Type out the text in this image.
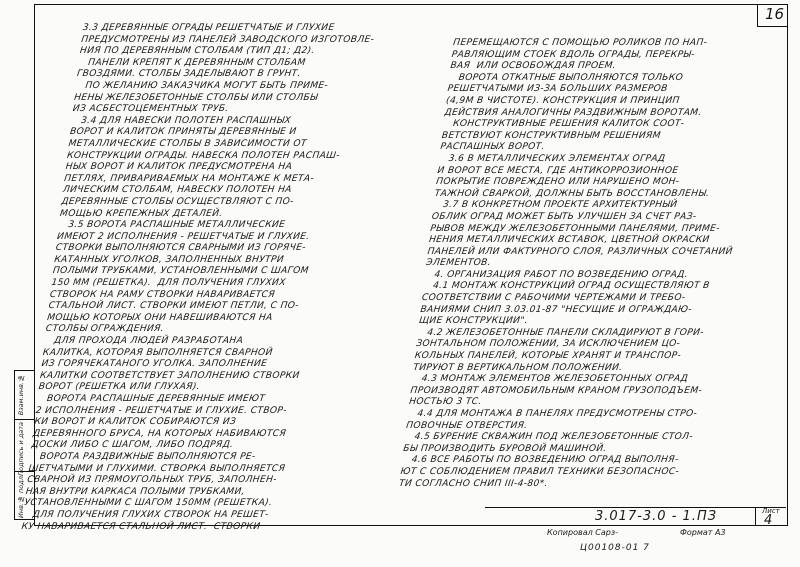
16

3.3 ДЕРЕВЯННЫЕ ОГРАДЫ РЕШЕТЧАТЫЕ И ГЛУХИЕ

ПРЕДУСМОТРЕНЫ ИЗ ПАНЕЛЕЙ ЗАВОДСКОГО ИЗГОТОВЛЕ-

НИЯ ПО ДЕРЕВЯННЫМ СТОЛБАМ (ТИП Д1; Д2).

ПАНЕЛИ КРЕПЯТ К ДЕРЕВЯННЫМ СТОЛБАМ

ГВОЗДЯМИ. СТОЛБЫ ЗАДЕЛЫВАЮТ В ГРУНТ.

ПО ЖЕЛАНИЮ ЗАКАЗЧИКА МОГУТ БЫТЬ ПРИМЕ-

НЕНЫ ЖЕЛЕЗОБЕТОННЫЕ СТОЛБЫ ИЛИ СТОЛБЫ

ИЗ АСБЕСТОЦЕМЕНТНЫХ ТРУБ.

3.4 ДЛЯ НАВЕСКИ ПОЛОТЕН РАСПАШНЫХ

ВОРОТ И КАЛИТОК ПРИНЯТЫ ДЕРЕВЯННЫЕ И

МЕТАЛЛИЧЕСКИЕ СТОЛБЫ В ЗАВИСИМОСТИ ОТ

КОНСТРУКЦИИ ОГРАДЫ. НАВЕСКА ПОЛОТЕН РАСПАШ-

НЫХ ВОРОТ И КАЛИТОК ПРЕДУСМОТРЕНА НА

ПЕТЛЯХ, ПРИВАРИВАЕМЫХ НА МОНТАЖЕ К МЕТА-

ЛИЧЕСКИМ СТОЛБАМ, НАВЕСКУ ПОЛОТЕН НА

ДЕРЕВЯННЫЕ СТОЛБЫ ОСУЩЕСТВЛЯЮТ С ПО-

МОЩЬЮ КРЕПЕЖНЫХ ДЕТАЛЕЙ.

3.5 ВОРОТА РАСПАШНЫЕ МЕТАЛЛИЧЕСКИЕ

ИМЕЮТ 2 ИСПОЛНЕНИЯ - РЕШЕТЧАТЫЕ И ГЛУХИЕ.

СТВОРКИ ВЫПОЛНЯЮТСЯ СВАРНЫМИ ИЗ ГОРЯЧЕ-

КАТАННЫХ УГОЛКОВ, ЗАПОЛНЕННЫХ ВНУТРИ

ПОЛЫМИ ТРУБКАМИ, УСТАНОВЛЕННЫМИ С ШАГОМ

150 ММ (РЕШЕТКА).  ДЛЯ ПОЛУЧЕНИЯ ГЛУХИХ

СТВОРОК НА РАМУ СТВОРКИ НАВАРИВАЕТСЯ

СТАЛЬНОЙ ЛИСТ. СТВОРКИ ИМЕЮТ ПЕТЛИ, С ПО-

МОЩЬЮ КОТОРЫХ ОНИ НАВЕШИВАЮТСЯ НА

СТОЛБЫ ОГРАЖДЕНИЯ.

ДЛЯ ПРОХОДА ЛЮДЕЙ РАЗРАБОТАНА

КАЛИТКА, КОТОРАЯ ВЫПОЛНЯЕТСЯ СВАРНОЙ

ИЗ ГОРЯЧЕКАТАНОГО УГОЛКА. ЗАПОЛНЕНИЕ

КАЛИТКИ СООТВЕТСТВУЕТ ЗАПОЛНЕНИЮ СТВОРКИ

ВОРОТ (РЕШЕТКА ИЛИ ГЛУХАЯ).

ВОРОТА РАСПАШНЫЕ ДЕРЕВЯННЫЕ ИМЕЮТ

2 ИСПОЛНЕНИЯ - РЕШЕТЧАТЫЕ И ГЛУХИЕ. СТВОР-

КИ ВОРОТ И КАЛИТОК СОБИРАЮТСЯ ИЗ

ДЕРЕВЯННОГО БРУСА, НА КОТОРЫХ НАБИВАЮТСЯ

ДОСКИ ЛИБО С ШАГОМ, ЛИБО ПОДРЯД.

ВОРОТА РАЗДВИЖНЫЕ ВЫПОЛНЯЮТСЯ РЕ-

ШЕТЧАТЫМИ И ГЛУХИМИ. СТВОРКА ВЫПОЛНЯЕТСЯ

СВАРНОЙ ИЗ ПРЯМОУГОЛЬНЫХ ТРУБ, ЗАПОЛНЕН-

НАЯ ВНУТРИ КАРКАСА ПОЛЫМИ ТРУБКАМИ,

УСТАНОВЛЕННЫМИ С ШАГОМ 150ММ (РЕШЕТКА).

ДЛЯ ПОЛУЧЕНИЯ ГЛУХИХ СТВОРОК НА РЕШЕТ-

КУ НАВАРИВАЕТСЯ СТАЛЬНОЙ ЛИСТ.  СТВОРКИ

ПЕРЕМЕЩАЮТСЯ С ПОМОЩЬЮ РОЛИКОВ ПО НАП-

РАВЛЯЮЩИМ СТОЕК ВДОЛЬ ОГРАДЫ, ПЕРЕКРЫ-

ВАЯ  ИЛИ ОСВОБОЖДАЯ ПРОЕМ.

ВОРОТА ОТКАТНЫЕ ВЫПОЛНЯЮТСЯ ТОЛЬКО

РЕШЕТЧАТЫМИ ИЗ-ЗА БОЛЬШИХ РАЗМЕРОВ

(4,9М В ЧИСТОТЕ). КОНСТРУКЦИЯ И ПРИНЦИП

ДЕЙСТВИЯ АНАЛОГИЧНЫ РАЗДВИЖНЫМ ВОРОТАМ.

КОНСТРУКТИВНЫЕ РЕШЕНИЯ КАЛИТОК СООТ-

ВЕТСТВУЮТ КОНСТРУКТИВНЫМ РЕШЕНИЯМ

РАСПАШНЫХ ВОРОТ.

3.6 В МЕТАЛЛИЧЕСКИХ ЭЛЕМЕНТАХ ОГРАД

И ВОРОТ ВСЕ МЕСТА, ГДЕ АНТИКОРРОЗИОННОЕ

ПОКРЫТИЕ ПОВРЕЖДЕНО ИЛИ НАРУШЕНО МОН-

ТАЖНОЙ СВАРКОЙ, ДОЛЖНЫ БЫТЬ ВОССТАНОВЛЕНЫ.

3.7 В КОНКРЕТНОМ ПРОЕКТЕ АРХИТЕКТУРНЫЙ

ОБЛИК ОГРАД МОЖЕТ БЫТЬ УЛУЧШЕН ЗА СЧЕТ РАЗ-

РЫВОВ МЕЖДУ ЖЕЛЕЗОБЕТОННЫМИ ПАНЕЛЯМИ, ПРИМЕ-

НЕНИЯ МЕТАЛЛИЧЕСКИХ ВСТАВОК, ЦВЕТНОЙ ОКРАСКИ

ПАНЕЛЕЙ ИЛИ ФАКТУРНОГО СЛОЯ, РАЗЛИЧНЫХ СОЧЕТАНИЙ

ЭЛЕМЕНТОВ.

4. ОРГАНИЗАЦИЯ РАБОТ ПО ВОЗВЕДЕНИЮ ОГРАД.

4.1 МОНТАЖ КОНСТРУКЦИЙ ОГРАД ОСУЩЕСТВЛЯЮТ В

СООТВЕТСТВИИ С РАБОЧИМИ ЧЕРТЕЖАМИ И ТРЕБО-

ВАНИЯМИ СНИП 3.03.01-87 "НЕСУЩИЕ И ОГРАЖДАЮ-

ЩИЕ КОНСТРУКЦИИ".

4.2 ЖЕЛЕЗОБЕТОННЫЕ ПАНЕЛИ СКЛАДИРУЮТ В ГОРИ-

ЗОНТАЛЬНОМ ПОЛОЖЕНИИ, ЗА ИСКЛЮЧЕНИЕМ ЦО-

КОЛЬНЫХ ПАНЕЛЕЙ, КОТОРЫЕ ХРАНЯТ И ТРАНСПОР-

ТИРУЮТ В ВЕРТИКАЛЬНОМ ПОЛОЖЕНИИ.

4.3 МОНТАЖ ЭЛЕМЕНТОВ ЖЕЛЕЗОБЕТОННЫХ ОГРАД

ПРОИЗВОДЯТ АВТОМОБИЛЬНЫМ КРАНОМ ГРУЗОПОДЪЕМ-

НОСТЬЮ 3 ТС.

4.4 ДЛЯ МОНТАЖА В ПАНЕЛЯХ ПРЕДУСМОТРЕНЫ СТРО-

ПОВОЧНЫЕ ОТВЕРСТИЯ.

4.5 БУРЕНИЕ СКВАЖИН ПОД ЖЕЛЕЗОБЕТОННЫЕ СТОЛ-

БЫ ПРОИЗВОДИТЬ БУРОВОЙ МАШИНОЙ.

4.6 ВСЕ РАБОТЫ ПО ВОЗВЕДЕНИЮ ОГРАД ВЫПОЛНЯ-

ЮТ С СОБЛЮДЕНИЕМ ПРАВИЛ ТЕХНИКИ БЕЗОПАСНОС-

ТИ СОГЛАСНО СНИП III-4-80*.

Взам.инв.№
Подпись и дата
Инв.№ подл.	3.017-3.0 - 1.ПЗ	Лист
4
Копировал Сарз-	Формат А3
Ц00108-01 7
